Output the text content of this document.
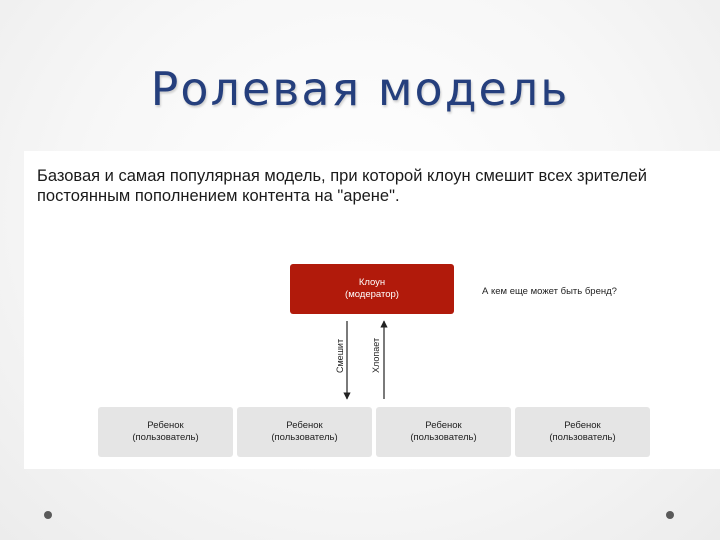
Ролевая модель
Базовая и самая популярная модель, при которой клоун смешит всех зрителей постоянным пополнением контента на "арене".
Клоун
(модератор)	А кем еще может быть бренд?
Смешит	Хлопает
Ребенок
(пользователь)
Ребенок
(пользователь)
Ребенок
(пользователь)
Ребенок
(пользователь)
